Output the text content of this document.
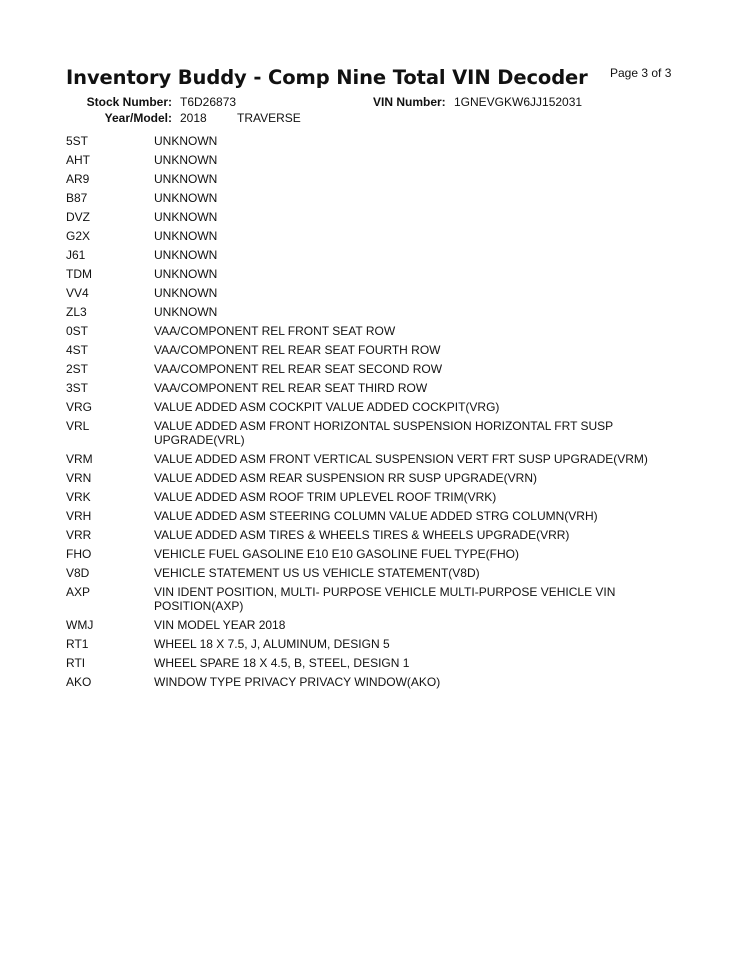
Inventory Buddy - Comp Nine Total VIN Decoder Page 3 of 3
Stock Number: T6D26873	VIN Number: 1GNEVGKW6JJ152031
Year/Model: 2018	TRAVERSE
5ST	UNKNOWN
AHT	UNKNOWN
AR9	UNKNOWN
B87	UNKNOWN
DVZ	UNKNOWN
G2X	UNKNOWN
J61	UNKNOWN
TDM	UNKNOWN
VV4	UNKNOWN
ZL3	UNKNOWN
0ST	VAA/COMPONENT REL FRONT SEAT ROW
4ST	VAA/COMPONENT REL REAR SEAT FOURTH ROW
2ST	VAA/COMPONENT REL REAR SEAT SECOND ROW
3ST	VAA/COMPONENT REL REAR SEAT THIRD ROW
VRG	VALUE ADDED ASM COCKPIT VALUE ADDED COCKPIT(VRG)
VRL	VALUE ADDED ASM FRONT HORIZONTAL SUSPENSION HORIZONTAL FRT SUSP UPGRADE(VRL)
VRM	VALUE ADDED ASM FRONT VERTICAL SUSPENSION VERT FRT SUSP UPGRADE(VRM)
VRN	VALUE ADDED ASM REAR SUSPENSION RR SUSP UPGRADE(VRN)
VRK	VALUE ADDED ASM ROOF TRIM UPLEVEL ROOF TRIM(VRK)
VRH	VALUE ADDED ASM STEERING COLUMN VALUE ADDED STRG COLUMN(VRH)
VRR	VALUE ADDED ASM TIRES & WHEELS TIRES & WHEELS UPGRADE(VRR)
FHO	VEHICLE FUEL GASOLINE E10 E10 GASOLINE FUEL TYPE(FHO)
V8D	VEHICLE STATEMENT US US VEHICLE STATEMENT(V8D)
AXP	VIN IDENT POSITION, MULTI- PURPOSE VEHICLE MULTI-PURPOSE VEHICLE VIN POSITION(AXP)
WMJ	VIN MODEL YEAR 2018
RT1	WHEEL 18 X 7.5, J, ALUMINUM, DESIGN 5
RTI	WHEEL SPARE 18 X 4.5, B, STEEL, DESIGN 1
AKO	WINDOW TYPE PRIVACY PRIVACY WINDOW(AKO)
